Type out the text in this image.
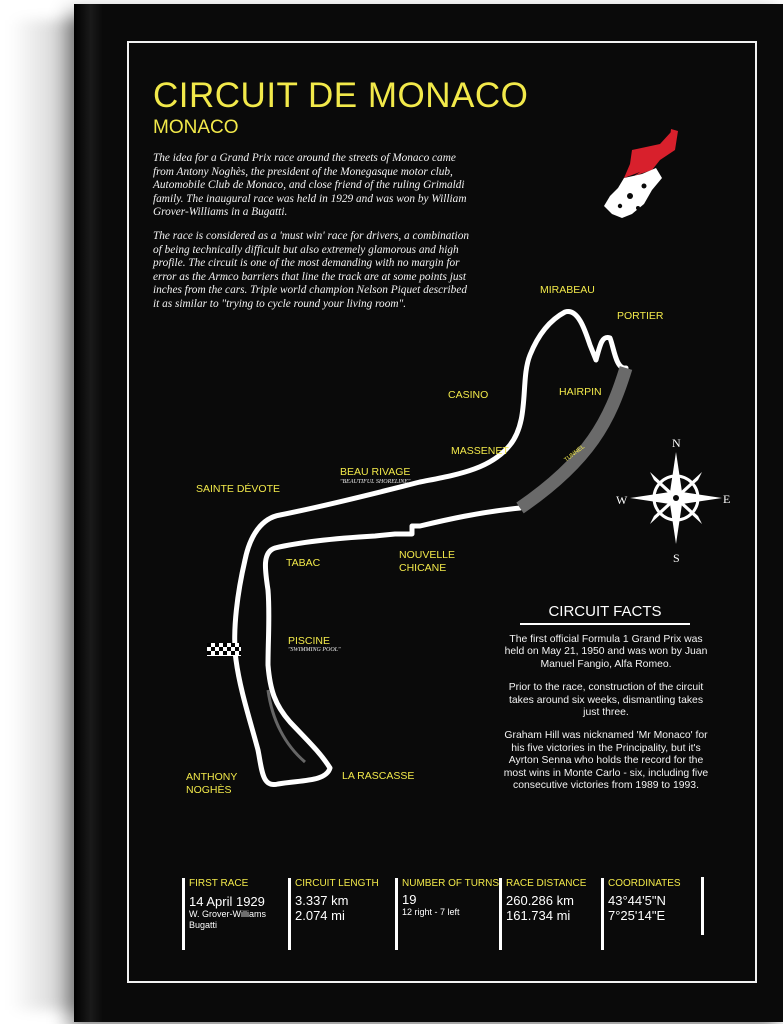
CIRCUIT DE MONACO
MONACO

The idea for a Grand Prix race around the streets of Monaco came from Antony Noghès, the president of the Monegasque motor club, Automobile Club de Monaco, and close friend of the ruling Grimaldi family. The inaugural race was held in 1929 and was won by William Grover-Williams in a Bugatti.

The race is considered as a 'must win' race for drivers, a combination of being technically difficult but also extremely glamorous and high profile. The circuit is one of the most demanding with no margin for error as the Armco barriers that line the track are at some points just inches from the cars. Triple world champion Nelson Piquet described it as similar to "trying to cycle round your living room".

N
S
E
W
TUNNEL
MIRABEAU
PORTIER
CASINO	HAIRPIN
MASSENET
BEAU RIVAGE
"BEAUTIFUL SHORELINE"
SAINTE DÉVOTE
TABAC
NOUVELLE
CHICANE
PISCINE
"SWIMMING POOL"
ANTHONY
NOGHÈS
LA RASCASSE
CIRCUIT FACTS

The first official Formula 1 Grand Prix was held on May 21, 1950 and was won by Juan Manuel Fangio, Alfa Romeo.

Prior to the race, construction of the circuit takes around six weeks, dismantling takes just three.

Graham Hill was nicknamed 'Mr Monaco' for his five victories in the Principality, but it's Ayrton Senna who holds the record for the most wins in Monte Carlo - six, including five consecutive victories from 1989 to 1993.

FIRST RACE
14 April 1929
W. Grover-Williams
Bugatti
CIRCUIT LENGTH
3.337 km
2.074 mi
NUMBER OF TURNS
19
12 right - 7 left
RACE DISTANCE
260.286 km
161.734 mi
COORDINATES
43°44'5"N
7°25'14"E
